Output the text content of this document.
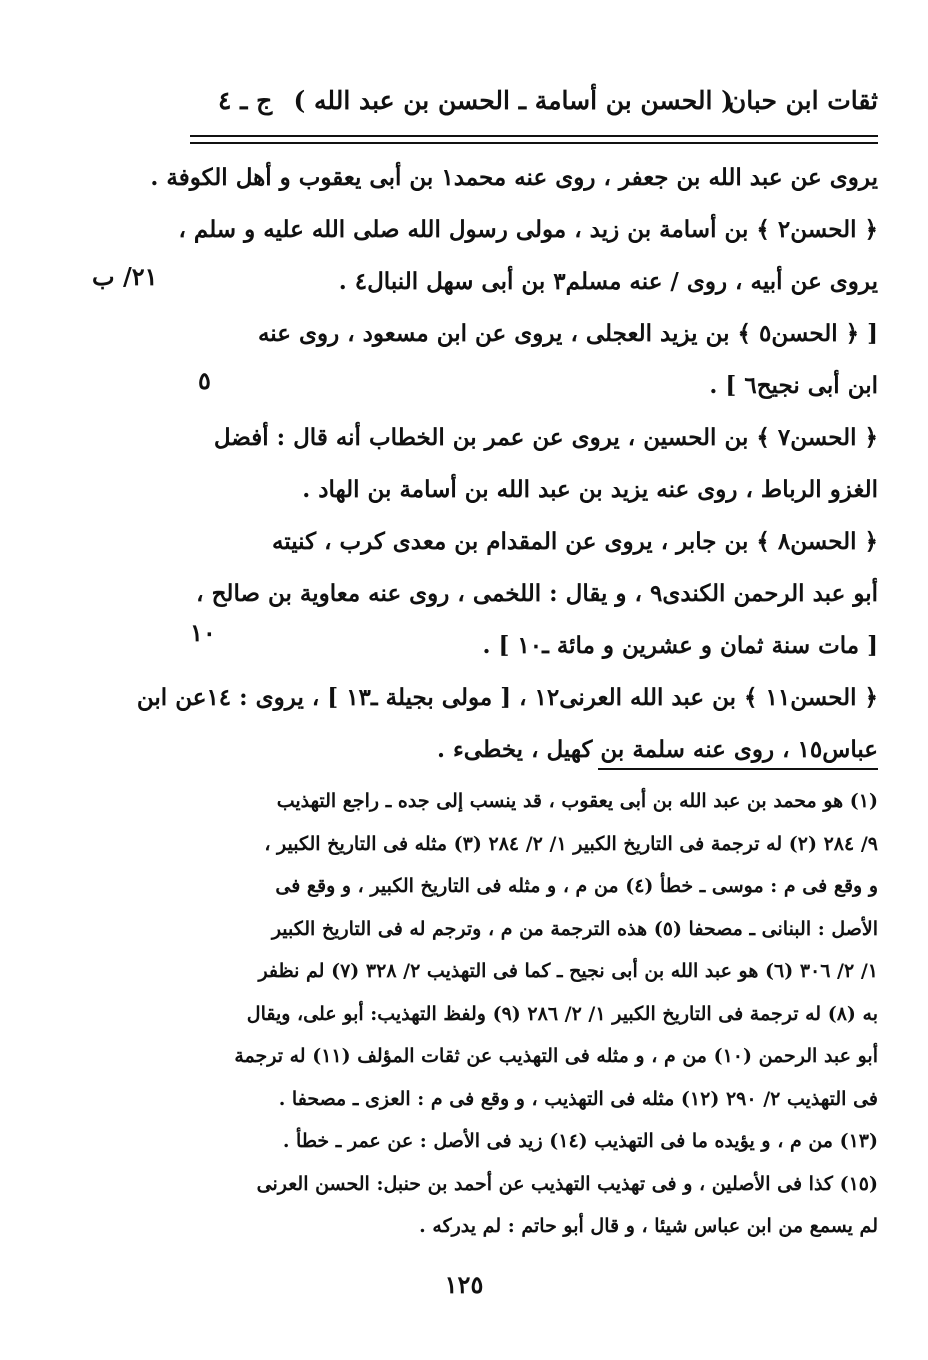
ثقات ابن حبان
( الحسن بن أسامة ـ الحسن بن عبد الله )
ج ـ ٤
٢١/ ب
٥
١٠
يروى عن عبد الله بن جعفر ، روى عنه محمد١ بن أبى يعقوب و أهل الكوفة .
﴿ الحسن٢ ﴾ بن أسامة بن زيد ، مولى رسول الله صلى الله عليه و سلم ،
يروى عن أبيه ، روى / عنه مسلم٣ بن أبى سهل النبال٤ .
[ ﴿ الحسن٥ ﴾ بن يزيد العجلى ، يروى عن ابن مسعود ، روى عنه
ابن أبى نجيح٦ ] .
﴿ الحسن٧ ﴾ بن الحسين ، يروى عن عمر بن الخطاب أنه قال : أفضل
الغزو الرباط ، روى عنه يزيد بن عبد الله بن أسامة بن الهاد .
﴿ الحسن٨ ﴾ بن جابر ، يروى عن المقدام بن معدى كرب ، كنيته
أبو عبد الرحمن الكندى٩ ، و يقال : اللخمى ، روى عنه معاوية بن صالح ،
[ مات سنة ثمان و عشرين و مائة ـ١٠ ] .
﴿ الحسن١١ ﴾ بن عبد الله العرنى١٢ ، [ مولى بجيلة ـ١٣ ] ، يروى : ١٤عن ابن
عباس١٥ ، روى عنه سلمة بن كهيل ، يخطىء .
(١) هو محمد بن عبد الله بن أبى يعقوب ، قد ينسب إلى جده ـ راجع التهذيب
٩/ ٢٨٤ (٢) له ترجمة فى التاريخ الكبير ١/ ٢/ ٢٨٤ (٣) مثله فى التاريخ الكبير ،
و وقع فى م : موسى ـ خطأ (٤) من م ، و مثله فى التاريخ الكبير ، و وقع فى
الأصل : البنانى ـ مصحفا (٥) هذه الترجمة من م ، وترجم له فى التاريخ الكبير
١/ ٢/ ٣٠٦ (٦) هو عبد الله بن أبى نجيح ـ كما فى التهذيب ٢/ ٣٢٨ (٧) لم نظفر
به (٨) له ترجمة فى التاريخ الكبير ١/ ٢/ ٢٨٦ (٩) ولفظ التهذيب: أبو على، ويقال
أبو عبد الرحمن (١٠) من م ، و مثله فى التهذيب عن ثقات المؤلف (١١) له ترجمة
فى التهذيب ٢/ ٢٩٠ (١٢) مثله فى التهذيب ، و وقع فى م : العزى ـ مصحفا .
(١٣) من م ، و يؤيده ما فى التهذيب (١٤) زيد فى الأصل : عن عمر ـ خطأ .
(١٥) كذا فى الأصلين ، و فى تهذيب التهذيب عن أحمد بن حنبل: الحسن العرنى
لم يسمع من ابن عباس شيئا ، و قال أبو حاتم : لم يدركه .
١٢٥
